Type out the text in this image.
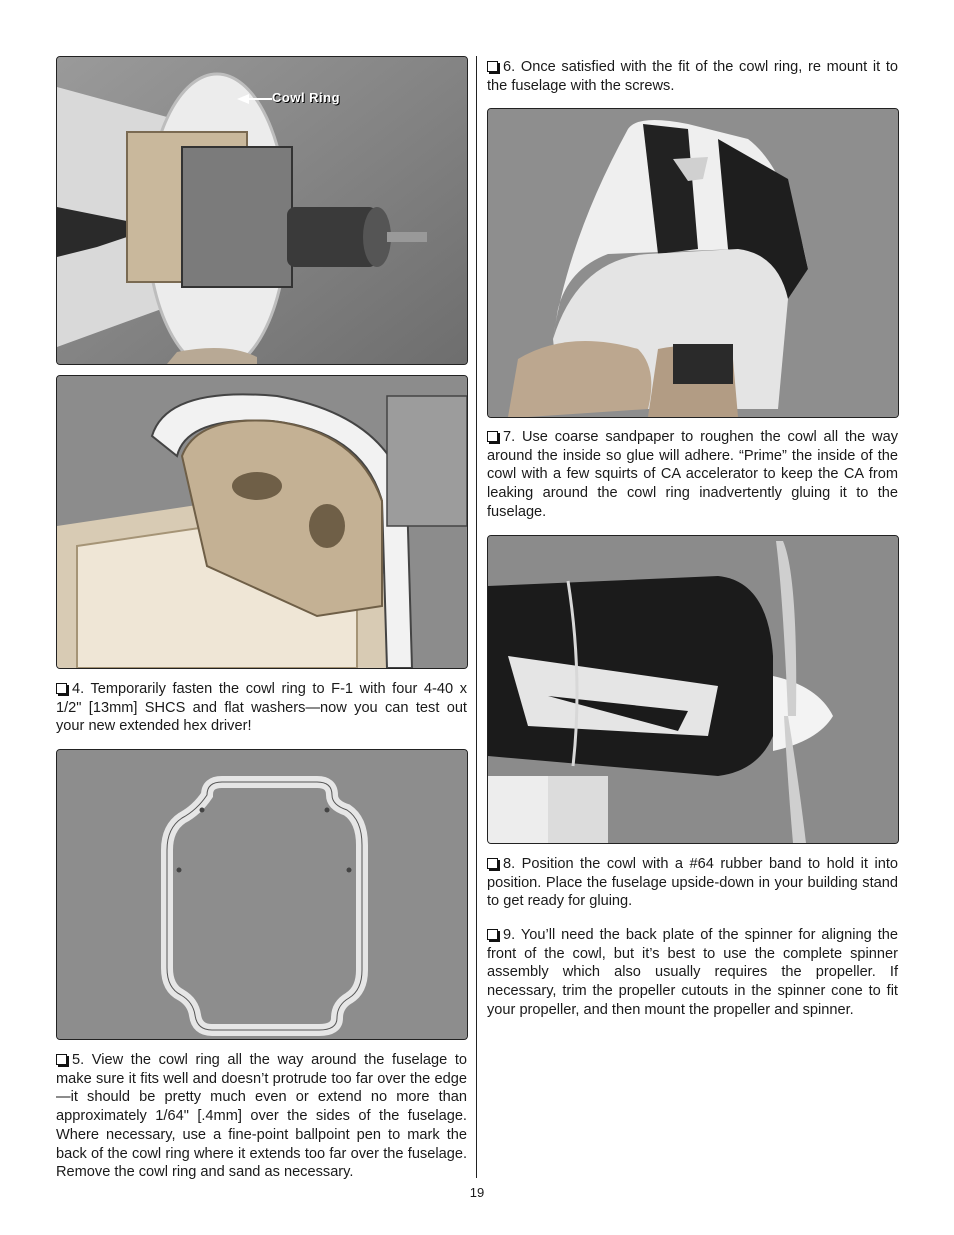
Cowl Ring

4. Temporarily fasten the cowl ring to F-1 with four 4-40 x 1/2" [13mm] SHCS and flat washers—now you can test out your new extended hex driver!

5. View the cowl ring all the way around the fuselage to make sure it fits well and doesn’t protrude too far over the edge—it should be pretty much even or extend no more than approximately 1/64" [.4mm] over the sides of the fuselage. Where necessary, use a fine-point ballpoint pen to mark the back of the cowl ring where it extends too far over the fuselage. Remove the cowl ring and sand as necessary.

6. Once satisfied with the fit of the cowl ring, re mount it to the fuselage with the screws.

7. Use coarse sandpaper to roughen the cowl all the way around the inside so glue will adhere. “Prime” the inside of the cowl with a few squirts of CA accelerator to keep the CA from leaking around the cowl ring inadvertently gluing it to the fuselage.

8. Position the cowl with a #64 rubber band to hold it into position. Place the fuselage upside-down in your building stand to get ready for gluing.

9. You’ll need the back plate of the spinner for aligning the front of the cowl, but it’s best to use the complete spinner assembly which also usually requires the propeller. If necessary, trim the propeller cutouts in the spinner cone to fit your propeller, and then mount the propeller and spinner.

19
